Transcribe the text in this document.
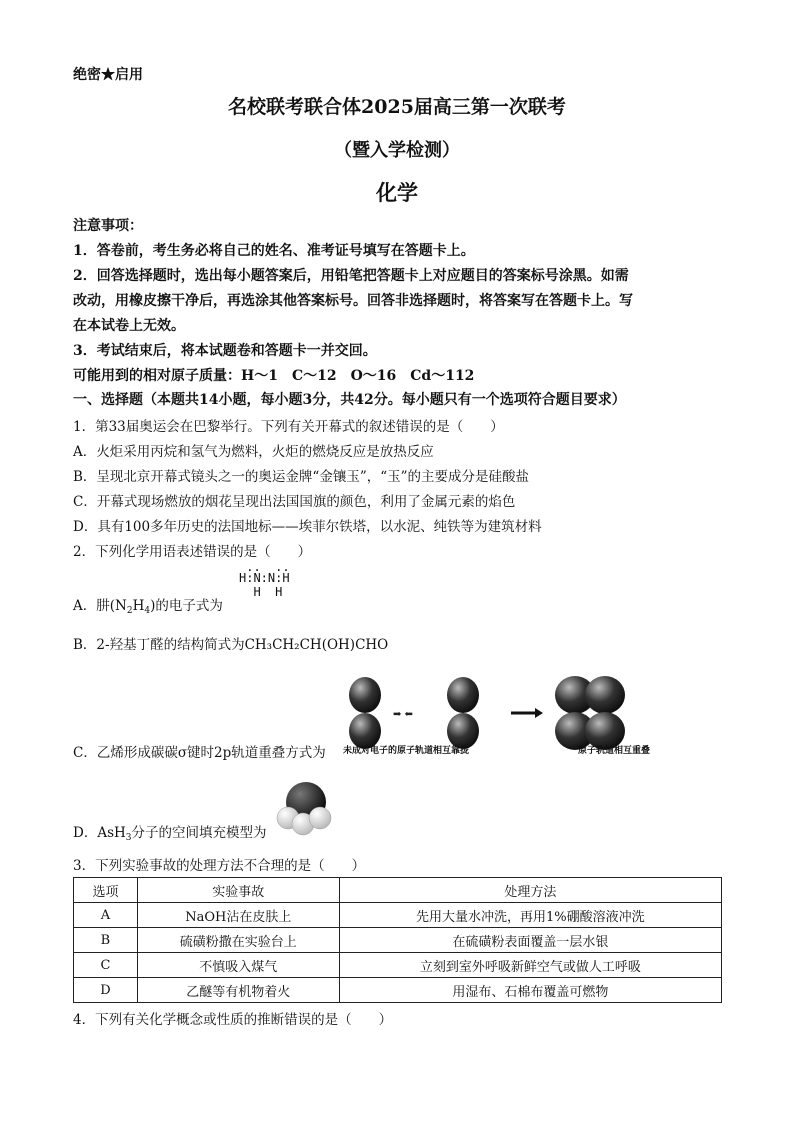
绝密★启用
名校联考联合体2025届高三第一次联考
（暨入学检测）
化学
注意事项：
1．答卷前，考生务必将自己的姓名、准考证号填写在答题卡上。
2．回答选择题时，选出每小题答案后，用铅笔把答题卡上对应题目的答案标号涂黑。如需
改动，用橡皮擦干净后，再选涂其他答案标号。回答非选择题时，将答案写在答题卡上。写
在本试卷上无效。
3．考试结束后，将本试题卷和答题卡一并交回。
可能用到的相对原子质量：H～1　C～12　O～16　Cd～112
一、选择题（本题共14小题，每小题3分，共42分。每小题只有一个选项符合题目要求）
1．第33届奥运会在巴黎举行。下列有关开幕式的叙述错误的是（　　）
A．火炬采用丙烷和氢气为燃料，火炬的燃烧反应是放热反应
B．呈现北京开幕式镜头之一的奥运金牌“金镶玉”，“玉”的主要成分是硅酸盐
C．开幕式现场燃放的烟花呈现出法国国旗的颜色，利用了金属元素的焰色
D．具有100多年历史的法国地标——埃菲尔铁塔，以水泥、纯铁等为建筑材料
2．下列化学用语表述错误的是（　　）
A．肼$(N_2H_4)$的电子式为
..  ..
H:N:N:H
H  H
B．2-羟基丁醛的结构简式为CH₃CH₂CH(OH)CHO
C．乙烯形成碳碳σ键时2p轨道重叠方式为
➡ ⬅
未成对电子的原子轨道相互靠拢	原子轨道相互重叠
D．AsH$_3$分子的空间填充模型为
3．下列实验事故的处理方法不合理的是（　　）
选项	实验事故	处理方法
A	NaOH沾在皮肤上	先用大量水冲洗，再用1%硼酸溶液冲洗
B	硫磺粉撒在实验台上	在硫磺粉表面覆盖一层水银
C	不慎吸入煤气	立刻到室外呼吸新鲜空气或做人工呼吸
D	乙醚等有机物着火	用湿布、石棉布覆盖可燃物
4．下列有关化学概念或性质的推断错误的是（　　）
